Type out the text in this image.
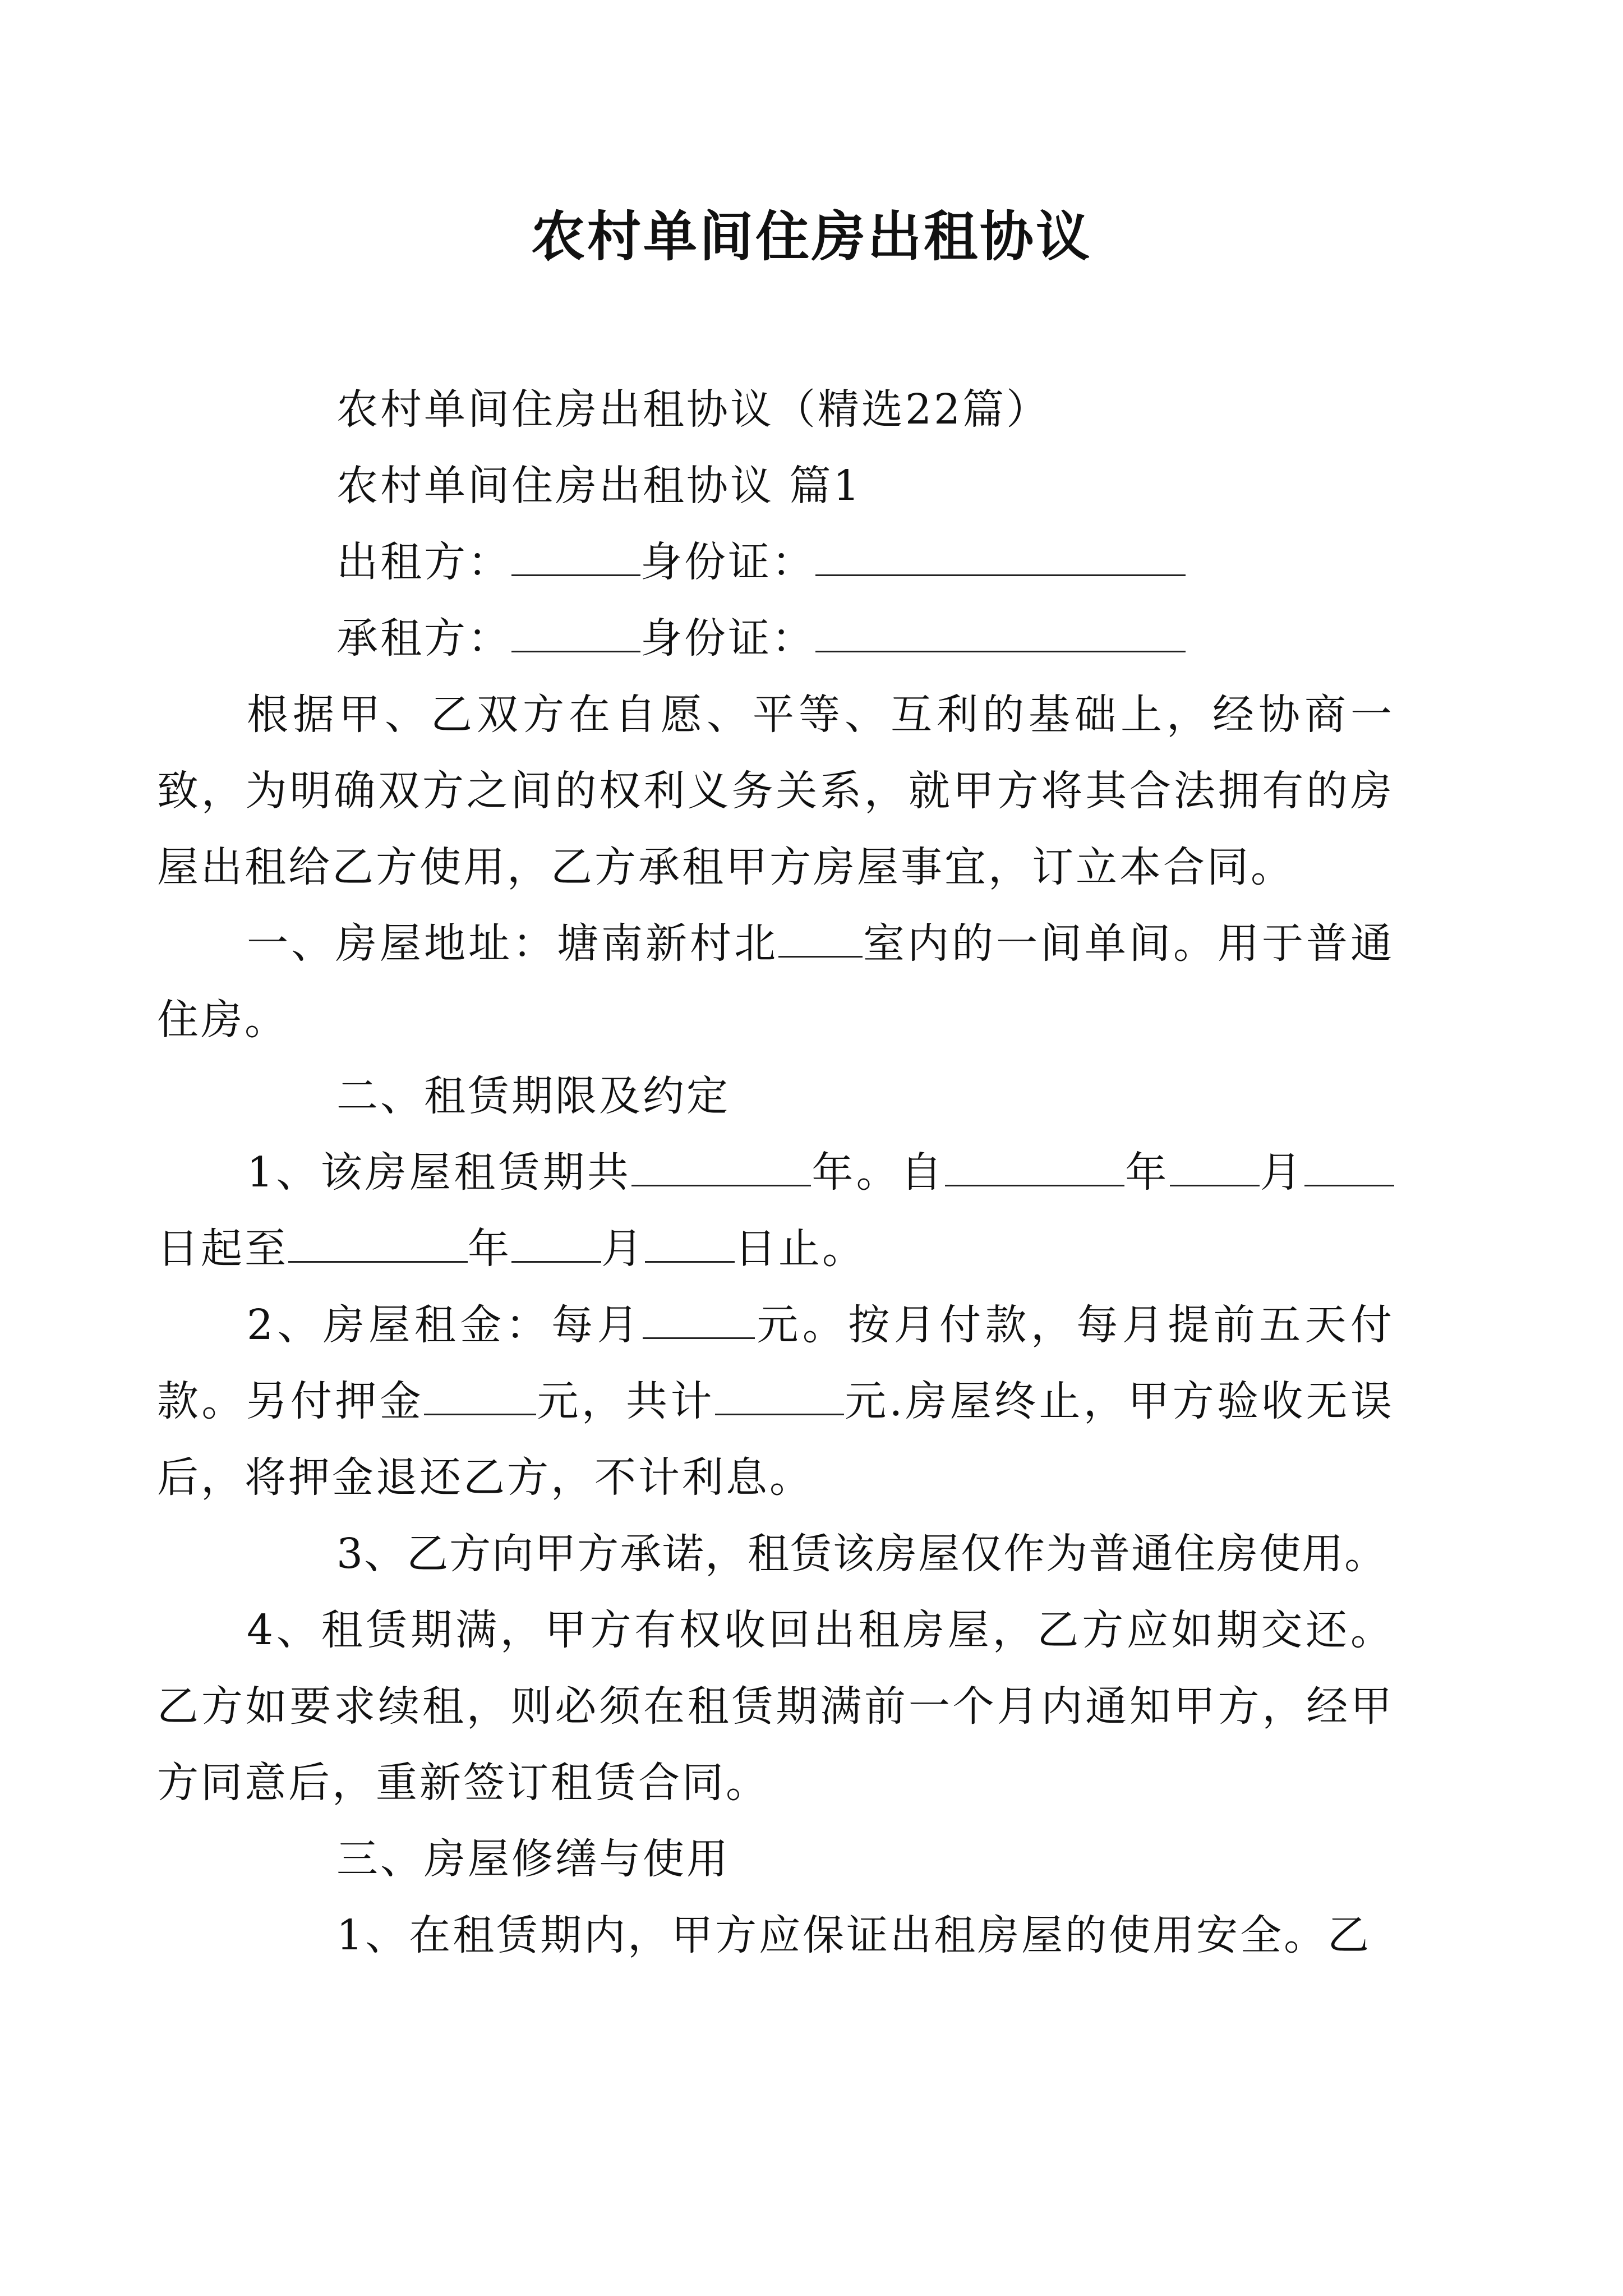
农村单间住房出租协议

农村单间住房出租协议（精选22篇）

农村单间住房出租协议 篇1

出租方：	身份证：

承租方：	身份证：

根据甲、乙双方在自愿、平等、互利的基础上，经协商一致，为明确双方之间的权利义务关系，就甲方将其合法拥有的房屋出租给乙方使用，乙方承租甲方房屋事宜，订立本合同。

一、房屋地址：塘南新村北 室内的一间单间。用于普通住房。

二、租赁期限及约定

1、该房屋租赁期共	年。自	年 月日起至	年 月 日止。

2、房屋租金：每月	元。按月付款，每月提前五天付款。另付押金	元，共计	元.房屋终止，甲方验收无误后，将押金退还乙方，不计利息。

3、乙方向甲方承诺，租赁该房屋仅作为普通住房使用。

4、租赁期满，甲方有权收回出租房屋，乙方应如期交还。乙方如要求续租，则必须在租赁期满前一个月内通知甲方，经甲方同意后，重新签订租赁合同。

三、房屋修缮与使用

1、在租赁期内，甲方应保证出租房屋的使用安全。乙
